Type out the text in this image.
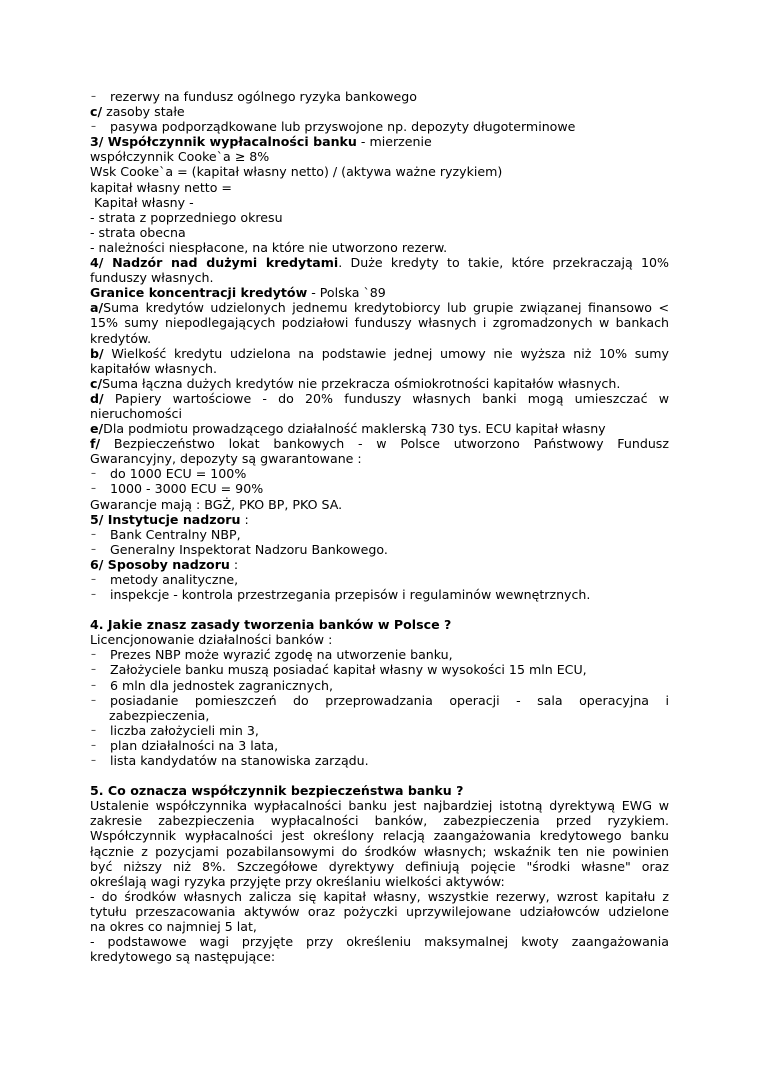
–	rezerwy na fundusz ogólnego ryzyka bankowego
c/ zasoby stałe
–	pasywa podporządkowane lub przyswojone np. depozyty długoterminowe
3/ Współczynnik wypłacalności banku - mierzenie
współczynnik Cooke`a ≥ 8%
Wsk Cooke`a = (kapitał własny netto) / (aktywa ważne ryzykiem)
kapitał własny netto =
Kapitał własny -
- strata z poprzedniego okresu
- strata obecna
- należności niespłacone, na które nie utworzono rezerw.
4/ Nadzór nad dużymi kredytami. Duże kredyty to takie, które przekraczają 10%
funduszy własnych.
Granice koncentracji kredytów - Polska `89
a/Suma kredytów udzielonych jednemu kredytobiorcy lub grupie związanej finansowo <
15% sumy niepodlegających podziałowi funduszy własnych i zgromadzonych w bankach
kredytów.
b/ Wielkość kredytu udzielona na podstawie jednej umowy nie wyższa niż 10% sumy
kapitałów własnych.
c/Suma łączna dużych kredytów nie przekracza ośmiokrotności kapitałów własnych.
d/ Papiery wartościowe - do 20% funduszy własnych banki mogą umieszczać w
nieruchomości
e/Dla podmiotu prowadzącego działalność maklerską 730 tys. ECU kapitał własny
f/ Bezpieczeństwo lokat bankowych - w Polsce utworzono Państwowy Fundusz
Gwarancyjny, depozyty są gwarantowane :
–	do 1000 ECU = 100%
–	1000 - 3000 ECU = 90%
Gwarancje mają : BGŻ, PKO BP, PKO SA.
5/ Instytucje nadzoru :
–	Bank Centralny NBP,
–	Generalny Inspektorat Nadzoru Bankowego.
6/ Sposoby nadzoru :
–	metody analityczne,
–	inspekcje - kontrola przestrzegania przepisów i regulaminów wewnętrznych.
4. Jakie znasz zasady tworzenia banków w Polsce ?
Licencjonowanie działalności banków :
–	Prezes NBP może wyrazić zgodę na utworzenie banku,
–	Założyciele banku muszą posiadać kapitał własny w wysokości 15 mln ECU,
–	6 mln dla jednostek zagranicznych,
–	posiadanie pomieszczeń do przeprowadzania operacji - sala operacyjna i
zabezpieczenia,
–	liczba założycieli min 3,
–	plan działalności na 3 lata,
–	lista kandydatów na stanowiska zarządu.
5. Co oznacza współczynnik bezpieczeństwa banku ?
Ustalenie współczynnika wypłacalności banku jest najbardziej istotną dyrektywą EWG w
zakresie zabezpieczenia wypłacalności banków, zabezpieczenia przed ryzykiem.
Współczynnik wypłacalności jest określony relacją zaangażowania kredytowego banku
łącznie z pozycjami pozabilansowymi do środków własnych; wskaźnik ten nie powinien
być niższy niż 8%. Szczegółowe dyrektywy definiują pojęcie "środki własne" oraz
określają wagi ryzyka przyjęte przy określaniu wielkości aktywów:
- do środków własnych zalicza się kapitał własny, wszystkie rezerwy, wzrost kapitału z
tytułu przeszacowania aktywów oraz pożyczki uprzywilejowane udziałowców udzielone
na okres co najmniej 5 lat,
- podstawowe wagi przyjęte przy określeniu maksymalnej kwoty zaangażowania
kredytowego są następujące:
